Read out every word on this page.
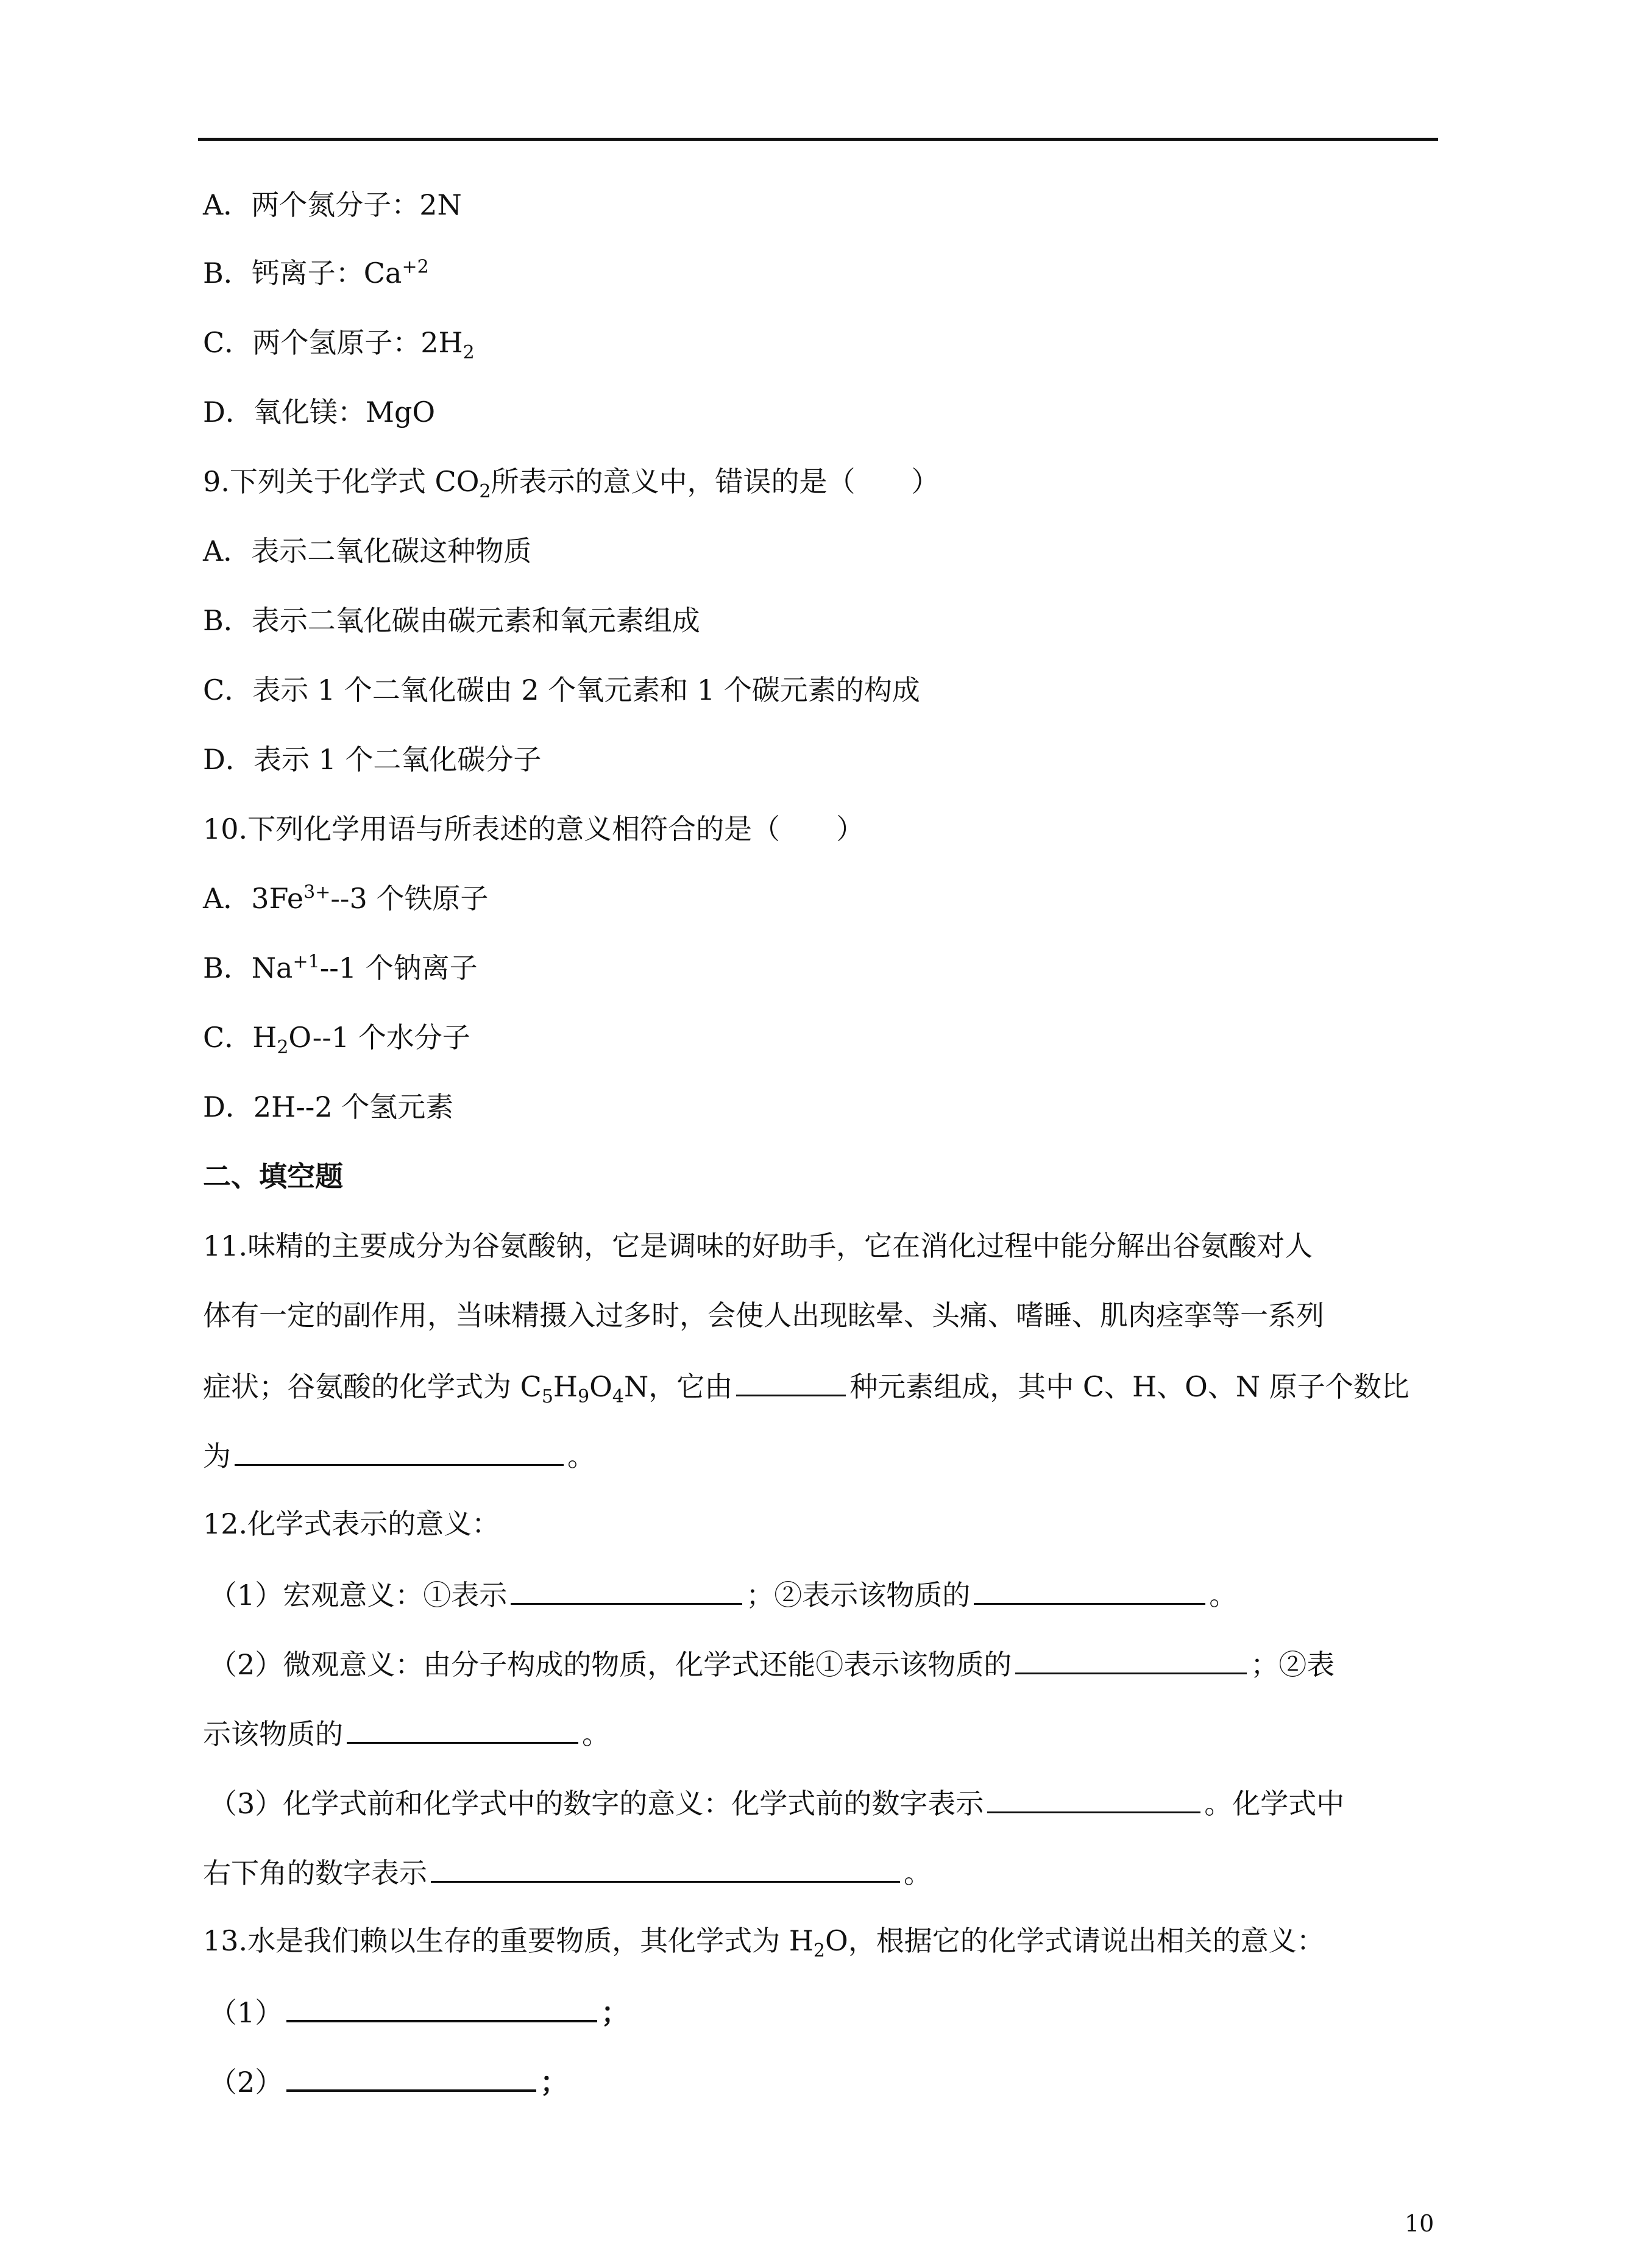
A．两个氮分子：2N
B．钙离子：$Ca^{+2}$
C．两个氢原子：$2H_2$
D．氧化镁：MgO
9.下列关于化学式 $CO_2$所表示的意义中，错误的是（　　）
A．表示二氧化碳这种物质
B．表示二氧化碳由碳元素和氧元素组成
C．表示 1 个二氧化碳由 2 个氧元素和 1 个碳元素的构成
D．表示 1 个二氧化碳分子
10.下列化学用语与所表述的意义相符合的是（　　）
A．$3Fe^{3+}--3$ 个铁原子
B．$Na^{+1}--1$ 个钠离子
C．$H_2O--1$ 个水分子
D．2H--2 个氢元素
二、填空题
11.味精的主要成分为谷氨酸钠，它是调味的好助手，它在消化过程中能分解出谷氨酸对人
体有一定的副作用，当味精摄入过多时，会使人出现眩晕、头痛、嗜睡、肌肉痉挛等一系列
症状；谷氨酸的化学式为 $C_5H_9O_4N$，它由	种元素组成，其中 C、H、O、N 原子个数比
为	。
12.化学式表示的意义：
（1）宏观意义：①表示	；②表示该物质的	。
（2）微观意义：由分子构成的物质，化学式还能①表示该物质的	；②表
示该物质的	。
（3）化学式前和化学式中的数字的意义：化学式前的数字表示	。化学式中
右下角的数字表示	。
13.水是我们赖以生存的重要物质，其化学式为 $H_2O$，根据它的化学式请说出相关的意义：
（1）	；
（2）	；
10
